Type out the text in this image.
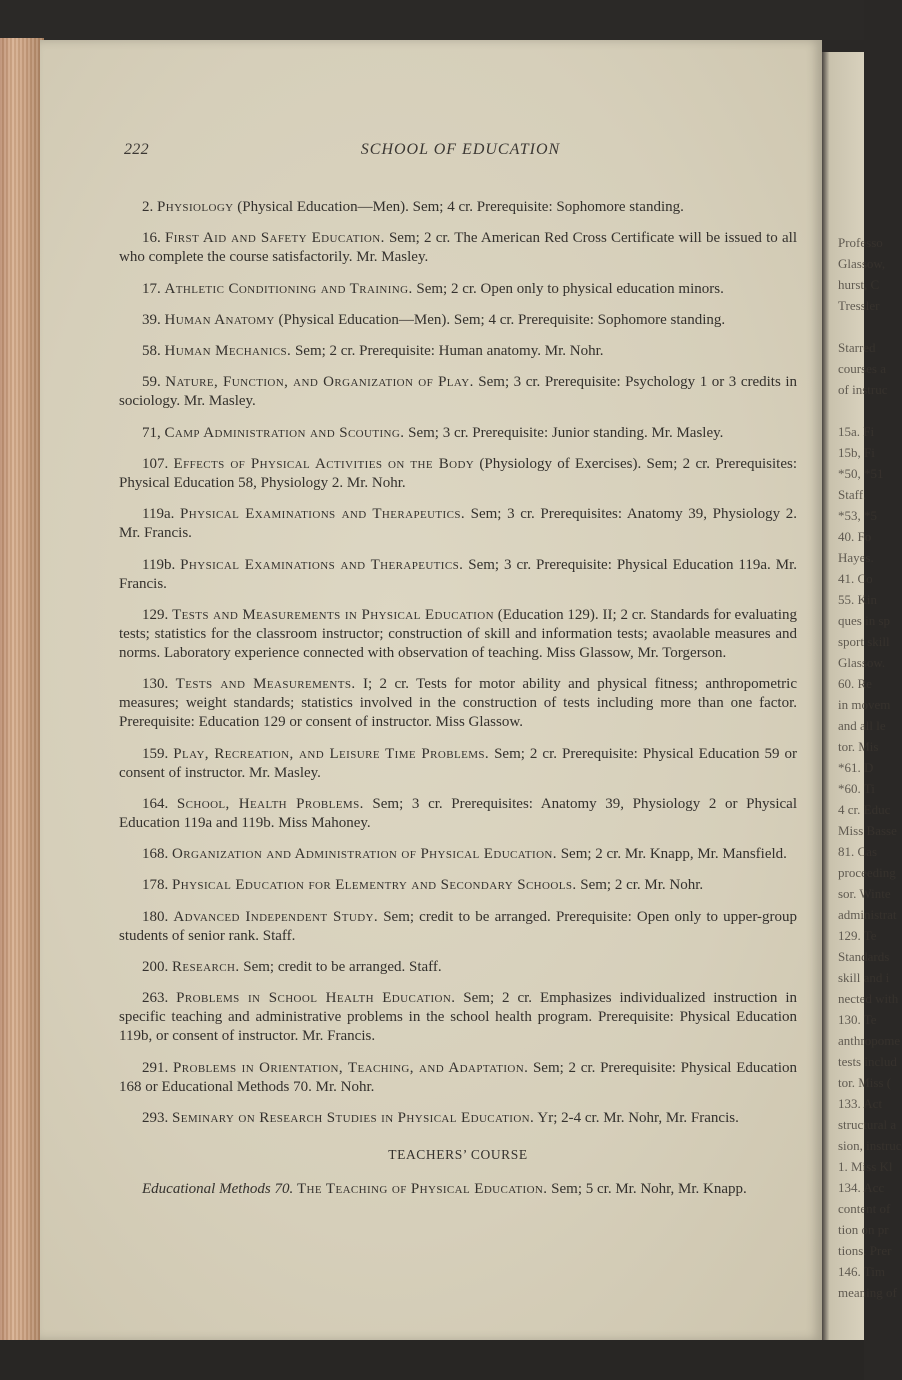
Professo
Glassow,
hurst, C
Tressler
Starred
courses a
of instruc
15a. Fi
15b, Fi
*50, *51
Staff.
*53, *5
40. Fo
Hayes.
41. Co
55. Kin
ques in sp
sport skill
Glassow.
60. Re
in movem
and all le
tor. Mis
*61. D
*60. Ti
4 cr. Educ
Miss Basse
81. Cas
proceeding
sor. Winte
administrat
129. Te
Standards
skill and i
nected with
130. Te
anthropome
tests includ
tor. Miss (
133. Act
structural a
sion, instruc
1. Miss Kl
134. Acc
content of
tion on pr
tions. Prer
146. Tim
meaning of
222	SCHOOL OF EDUCATION
2. Physiology (Physical Education—Men). Sem; 4 cr. Prerequisite: Sophomore standing.
16. First Aid and Safety Education. Sem; 2 cr. The American Red Cross Certificate will be issued to all who complete the course satisfactorily. Mr. Masley.
17. Athletic Conditioning and Training. Sem; 2 cr. Open only to physical education minors.
39. Human Anatomy (Physical Education—Men). Sem; 4 cr. Prerequisite: Sophomore standing.
58. Human Mechanics. Sem; 2 cr. Prerequisite: Human anatomy. Mr. Nohr.
59. Nature, Function, and Organization of Play. Sem; 3 cr. Prerequisite: Psychology 1 or 3 credits in sociology. Mr. Masley.
71, Camp Administration and Scouting. Sem; 3 cr. Prerequisite: Junior standing. Mr. Masley.
107. Effects of Physical Activities on the Body (Physiology of Exercises). Sem; 2 cr. Prerequisites: Physical Education 58, Physiology 2. Mr. Nohr.
119a. Physical Examinations and Therapeutics. Sem; 3 cr. Prerequisites: Anatomy 39, Physiology 2. Mr. Francis.
119b. Physical Examinations and Therapeutics. Sem; 3 cr. Prerequisite: Physical Education 119a. Mr. Francis.
129. Tests and Measurements in Physical Education (Education 129). II; 2 cr. Standards for evaluating tests; statistics for the classroom instructor; construction of skill and information tests; avaolable measures and norms. Laboratory experience connected with observation of teaching. Miss Glassow, Mr. Torgerson.
130. Tests and Measurements. I; 2 cr. Tests for motor ability and physical fitness; anthropometric measures; weight standards; statistics involved in the construction of tests including more than one factor. Prerequisite: Education 129 or consent of instructor. Miss Glassow.
159. Play, Recreation, and Leisure Time Problems. Sem; 2 cr. Prerequisite: Physical Education 59 or consent of instructor. Mr. Masley.
164. School, Health Problems. Sem; 3 cr. Prerequisites: Anatomy 39, Physiology 2 or Physical Education 119a and 119b. Miss Mahoney.
168. Organization and Administration of Physical Education. Sem; 2 cr. Mr. Knapp, Mr. Mansfield.
178. Physical Education for Elementry and Secondary Schools. Sem; 2 cr. Mr. Nohr.
180. Advanced Independent Study. Sem; credit to be arranged. Prerequisite: Open only to upper-group students of senior rank. Staff.
200. Research. Sem; credit to be arranged. Staff.
263. Problems in School Health Education. Sem; 2 cr. Emphasizes individualized instruction in specific teaching and administrative problems in the school health program. Prerequisite: Physical Education 119b, or consent of instructor. Mr. Francis.
291. Problems in Orientation, Teaching, and Adaptation. Sem; 2 cr. Prerequisite: Physical Education 168 or Educational Methods 70. Mr. Nohr.
293. Seminary on Research Studies in Physical Education. Yr; 2-4 cr. Mr. Nohr, Mr. Francis.
TEACHERS’ COURSE
Educational Methods 70. The Teaching of Physical Education. Sem; 5 cr. Mr. Nohr, Mr. Knapp.
